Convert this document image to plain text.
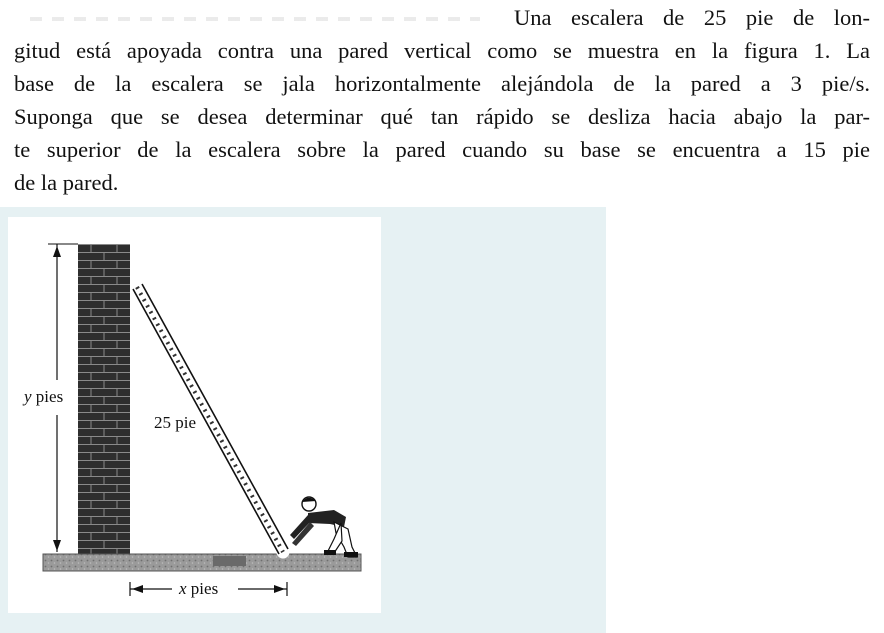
Una escalera de 25 pie de lon-
gitud está apoyada contra una pared vertical como se muestra en la figura 1. La
base de la escalera se jala horizontalmente alejándola de la pared a 3 pie/s.
Suponga que se desea determinar qué tan rápido se desliza hacia abajo la par-
te superior de la escalera sobre la pared cuando su base se encuentra a 15 pie
de la pared.
y pies
25 pie
x pies
